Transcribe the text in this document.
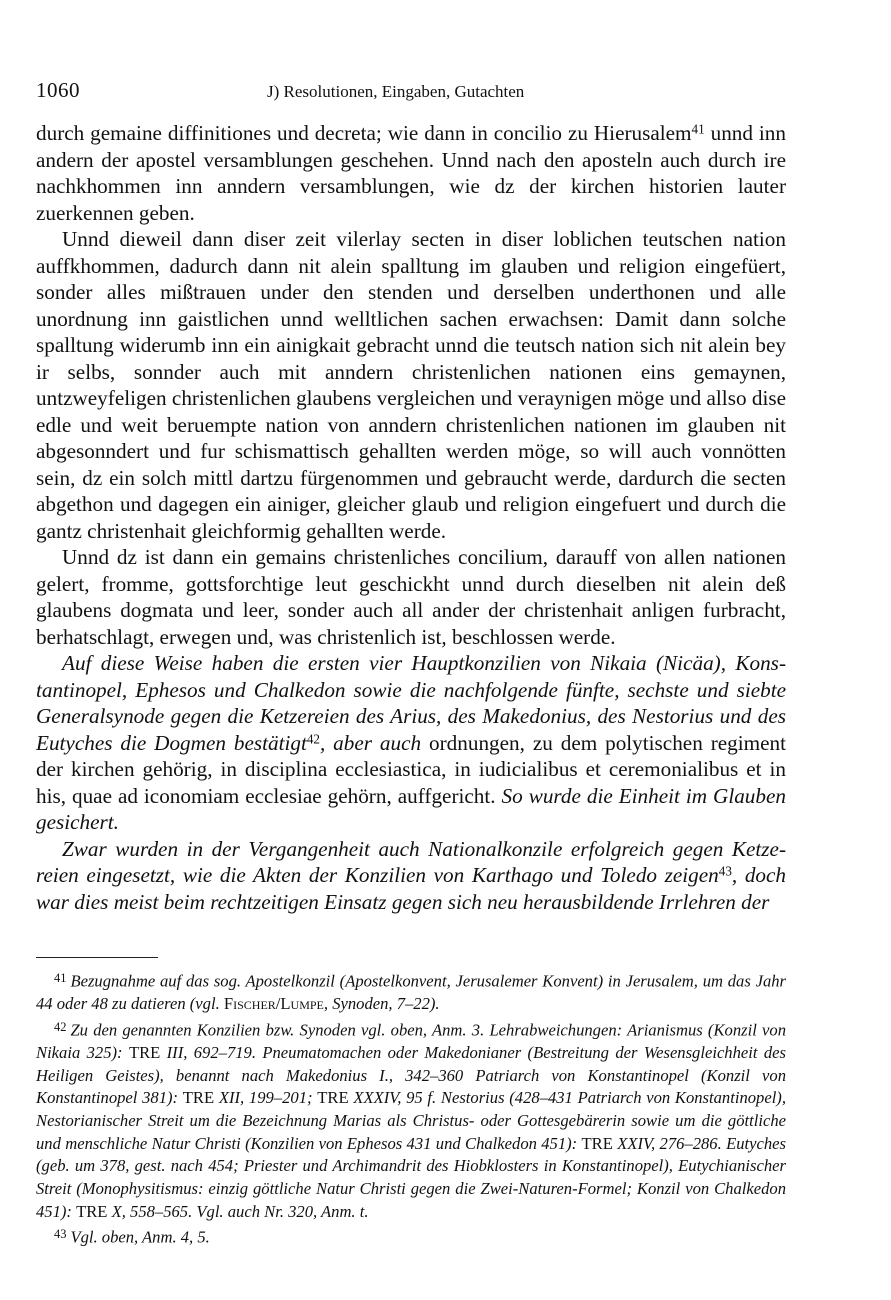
1060	J) Resolutionen, Eingaben, Gutachten

durch gemaine diffinitiones und decreta; wie dann in concilio zu Hierusalem$^{41}$ unnd inn andern der apostel versamblungen geschehen. Unnd nach den aposteln auch durch ire nachkhommen inn anndern versamblungen, wie dz der kirchen historien lauter zuerkennen geben.

Unnd dieweil dann diser zeit vilerlay secten in diser loblichen teutschen nation auffkhommen, dadurch dann nit alein spalltung im glauben und religion eingefüert, sonder alles mißtrauen under den stenden und derselben underthonen und alle unordnung inn gaistlichen unnd welltlichen sachen erwachsen: Damit dann solche spalltung widerumb inn ein ainigkait gebracht unnd die teutsch nation sich nit alein bey ir selbs, sonnder auch mit anndern christenlichen nationen eins gemaynen, untzweyfeligen christenlichen glaubens vergleichen und veraynigen möge und allso dise edle und weit beruempte nation von anndern christenlichen nationen im glauben nit abgesonndert und fur schismattisch gehallten werden möge, so will auch vonnötten sein, dz ein solch mittl dartzu fürgenommen und gebraucht werde, dardurch die secten abgethon und dagegen ein ainiger, gleicher glaub und religion eingefuert und durch die gantz christenhait gleichformig gehallten werde.

Unnd dz ist dann ein gemains christenliches concilium, darauff von allen nationen gelert, fromme, gottsforchtige leut geschickht unnd durch dieselben nit alein deß glaubens dogmata und leer, sonder auch all ander der christenhait anligen furbracht, berhatschlagt, erwegen und, was christenlich ist, beschlossen werde.

Auf diese Weise haben die ersten vier Hauptkonzilien von Nikaia (Nicäa), Konstantinopel, Ephesos und Chalkedon sowie die nachfolgende fünfte, sechste und siebte Generalsynode gegen die Ketzereien des Arius, des Makedonius, des Nestorius und des Eutyches die Dogmen bestätigt$^{42}$, aber auch ordnungen, zu dem polytischen regiment der kirchen gehörig, in disciplina ecclesiastica, in iudicialibus et ceremonialibus et in his, quae ad iconomiam ecclesiae gehörn, auffgericht. So wurde die Einheit im Glauben gesichert.

Zwar wurden in der Vergangenheit auch Nationalkonzile erfolgreich gegen Ketzereien eingesetzt, wie die Akten der Konzilien von Karthago und Toledo zeigen$^{43}$, doch war dies meist beim rechtzeitigen Einsatz gegen sich neu herausbildende Irrlehren der

$^{41}$ Bezugnahme auf das sog. Apostelkonzil (Apostelkonvent, Jerusalemer Konvent) in Jerusalem, um das Jahr 44 oder 48 zu datieren (vgl. Fischer/Lumpe, Synoden, 7–22).

$^{42}$ Zu den genannten Konzilien bzw. Synoden vgl. oben, Anm. 3. Lehrabweichungen: Arianismus (Konzil von Nikaia 325): TRE III, 692–719. Pneumatomachen oder Makedonianer (Bestreitung der Wesensgleichheit des Heiligen Geistes), benannt nach Makedonius I., 342–360 Patriarch von Konstantinopel (Konzil von Konstantinopel 381): TRE XII, 199–201; TRE XXXIV, 95 f. Nestorius (428–431 Patriarch von Konstantinopel), Nestorianischer Streit um die Bezeichnung Marias als Christus- oder Gottesgebärerin sowie um die göttliche und menschliche Natur Christi (Konzilien von Ephesos 431 und Chalkedon 451): TRE XXIV, 276–286. Eutyches (geb. um 378, gest. nach 454; Priester und Archimandrit des Hiobklosters in Konstantinopel), Eutychianischer Streit (Monophysitismus: einzig göttliche Natur Christi gegen die Zwei-Naturen-Formel; Konzil von Chalkedon 451): TRE X, 558–565. Vgl. auch Nr. 320, Anm. t.

$^{43}$ Vgl. oben, Anm. 4, 5.
